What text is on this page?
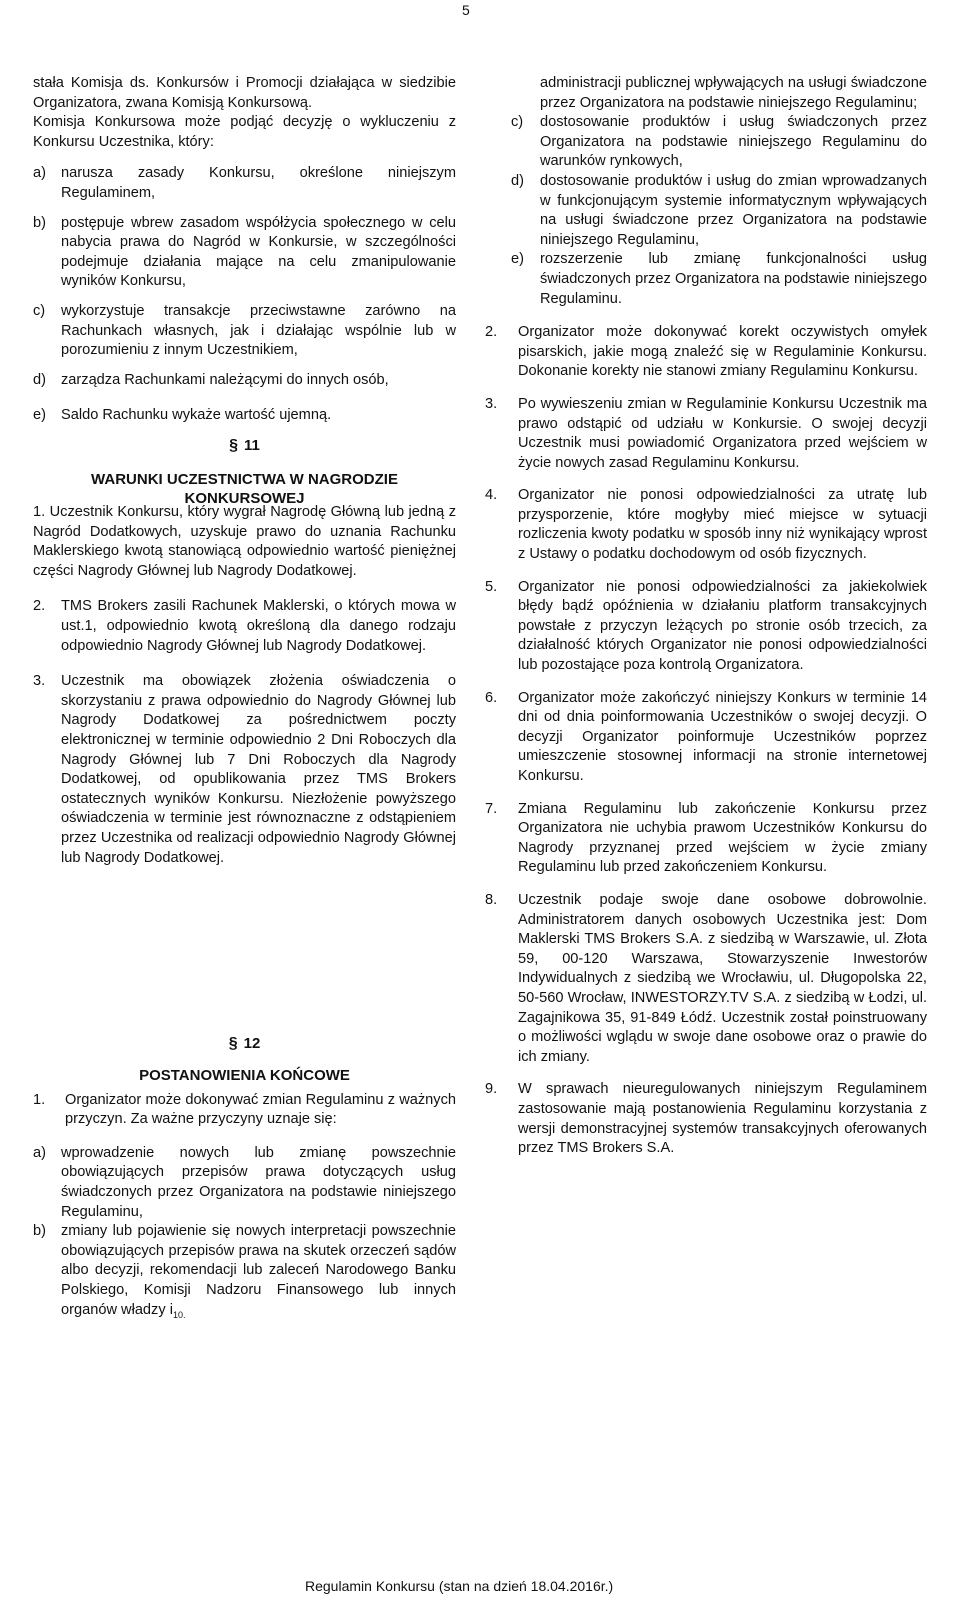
5

stała Komisja ds. Konkursów i Promocji działająca w siedzibie Organizatora, zwana Komisją Konkursową.

Komisja Konkursowa może podjąć decyzję o wykluczeniu z Konkursu Uczestnika, który:

a)	narusza zasady Konkursu, określone niniejszym Regulaminem,
b)	postępuje wbrew zasadom współżycia społecznego w celu nabycia prawa do Nagród w Konkursie, w szczególności podejmuje działania mające na celu zmanipulowanie wyników Konkursu,
c)	wykorzystuje transakcje przeciwstawne zarówno na Rachunkach własnych, jak i działając wspólnie lub w porozumieniu z innym Uczestnikiem,
d)	zarządza Rachunkami należącymi do innych osób,
e)	Saldo Rachunku wykaże wartość ujemną.
§ 11
WARUNKI UCZESTNICTWA W NAGRODZIE KONKURSOWEJ
1. Uczestnik Konkursu, który wygrał Nagrodę Główną lub jedną z Nagród Dodatkowych, uzyskuje prawo do uznania Rachunku Maklerskiego kwotą stanowiącą odpowiednio wartość pieniężnej części Nagrody Głównej lub Nagrody Dodatkowej.
2.	TMS Brokers zasili Rachunek Maklerski, o których mowa w ust.1, odpowiednio kwotą określoną dla danego rodzaju odpowiednio Nagrody Głównej lub Nagrody Dodatkowej.
3.	Uczestnik ma obowiązek złożenia oświadczenia o skorzystaniu z prawa odpowiednio do Nagrody Głównej lub Nagrody Dodatkowej za pośrednictwem poczty elektronicznej w terminie odpowiednio 2 Dni Roboczych dla Nagrody Głównej lub 7 Dni Roboczych dla Nagrody Dodatkowej, od opublikowania przez TMS Brokers ostatecznych wyników Konkursu. Niezłożenie powyższego oświadczenia w terminie jest równoznaczne z odstąpieniem przez Uczestnika od realizacji odpowiednio Nagrody Głównej lub Nagrody Dodatkowej.
§ 12
POSTANOWIENIA KOŃCOWE
1.	Organizator może dokonywać zmian Regulaminu z ważnych przyczyn. Za ważne przyczyny uznaje się:
a)	wprowadzenie nowych lub zmianę powszechnie obowiązujących przepisów prawa dotyczących usług świadczonych przez Organizatora na podstawie niniejszego Regulaminu,
b)	zmiany lub pojawienie się nowych interpretacji powszechnie obowiązujących przepisów prawa na skutek orzeczeń sądów albo decyzji, rekomendacji lub zaleceń Narodowego Banku Polskiego, Komisji Nadzoru Finansowego lub innych organów władzy $i_{10.}$
administracji publicznej wpływających na usługi świadczone przez Organizatora na podstawie niniejszego Regulaminu;
c)	dostosowanie produktów i usług świadczonych przez Organizatora na podstawie niniejszego Regulaminu do warunków rynkowych,
d)	dostosowanie produktów i usług do zmian wprowadzanych w funkcjonującym systemie informatycznym wpływających na usługi świadczone przez Organizatora na podstawie niniejszego Regulaminu,
e)	rozszerzenie lub zmianę funkcjonalności usług świadczonych przez Organizatora na podstawie niniejszego Regulaminu.
2.	Organizator może dokonywać korekt oczywistych omyłek pisarskich, jakie mogą znaleźć się w Regulaminie Konkursu. Dokonanie korekty nie stanowi zmiany Regulaminu Konkursu.
3.	Po wywieszeniu zmian w Regulaminie Konkursu Uczestnik ma prawo odstąpić od udziału w Konkursie. O swojej decyzji Uczestnik musi powiadomić Organizatora przed wejściem w życie nowych zasad Regulaminu Konkursu.
4.	Organizator nie ponosi odpowiedzialności za utratę lub przysporzenie, które mogłyby mieć miejsce w sytuacji rozliczenia kwoty podatku w sposób inny niż wynikający wprost z Ustawy o podatku dochodowym od osób fizycznych.
5.	Organizator nie ponosi odpowiedzialności za jakiekolwiek błędy bądź opóźnienia w działaniu platform transakcyjnych powstałe z przyczyn leżących po stronie osób trzecich, za działalność których Organizator nie ponosi odpowiedzialności lub pozostające poza kontrolą Organizatora.
6.	Organizator może zakończyć niniejszy Konkurs w terminie 14 dni od dnia poinformowania Uczestników o swojej decyzji. O decyzji Organizator poinformuje Uczestników poprzez umieszczenie stosownej informacji na stronie internetowej Konkursu.
7.	Zmiana Regulaminu lub zakończenie Konkursu przez Organizatora nie uchybia prawom Uczestników Konkursu do Nagrody przyznanej przed wejściem w życie zmiany Regulaminu lub przed zakończeniem Konkursu.
8.	Uczestnik podaje swoje dane osobowe dobrowolnie. Administratorem danych osobowych Uczestnika jest: Dom Maklerski TMS Brokers S.A. z siedzibą w Warszawie, ul. Złota 59, 00-120 Warszawa, Stowarzyszenie Inwestorów Indywidualnych z siedzibą we Wrocławiu, ul. Długopolska 22, 50-560 Wrocław, INWESTORZY.TV S.A. z siedzibą w Łodzi, ul. Zagajnikowa 35, 91-849 Łódź. Uczestnik został poinstruowany o możliwości wglądu w swoje dane osobowe oraz o prawie do ich zmiany.
9.	W sprawach nieuregulowanych niniejszym Regulaminem zastosowanie mają postanowienia Regulaminu korzystania z wersji demonstracyjnej systemów transakcyjnych oferowanych przez TMS Brokers S.A.
Regulamin Konkursu (stan na dzień 18.04.2016r.)
